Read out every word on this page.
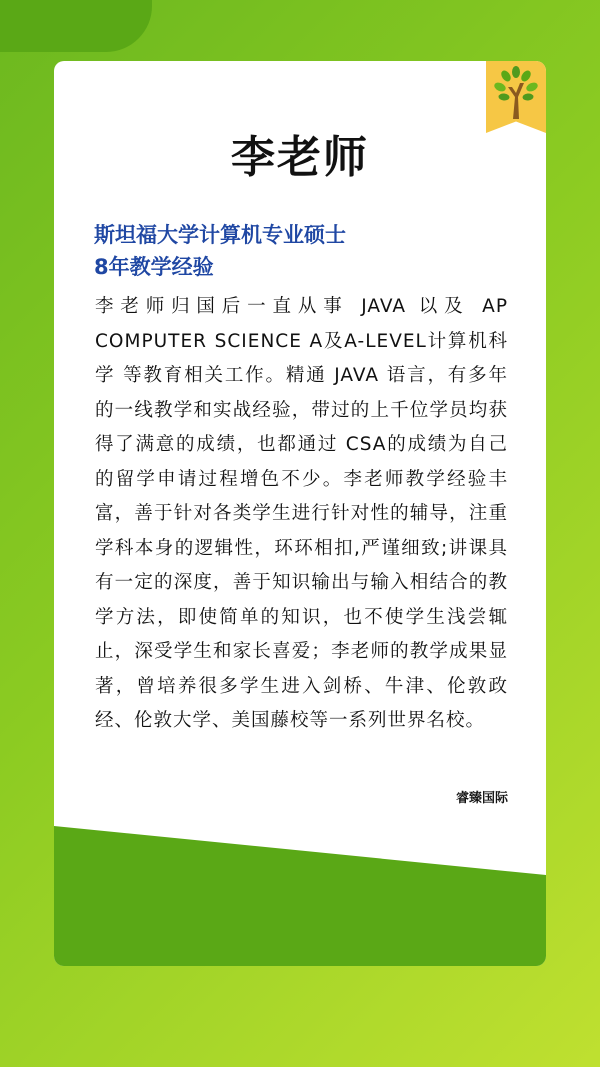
李老师
斯坦福大学计算机专业硕士
8年教学经验
李老师归国后一直从事 JAVA 以及 AP COMPUTER SCIENCE A及A-LEVEL计算机科学 等教育相关工作。精通 JAVA 语言，有多年的一线教学和实战经验，带过的上千位学员均获得了满意的成绩，也都通过 CSA的成绩为自己的留学申请过程增色不少。李老师教学经验丰富，善于针对各类学生进行针对性的辅导，注重学科本身的逻辑性，环环相扣,严谨细致;讲课具有一定的深度，善于知识输出与输入相结合的教学方法，即使简单的知识，也不使学生浅尝辄止，深受学生和家长喜爱；李老师的教学成果显著，曾培养很多学生进入剑桥、牛津、伦敦政经、伦敦大学、美国藤校等一系列世界名校。
睿臻国际
